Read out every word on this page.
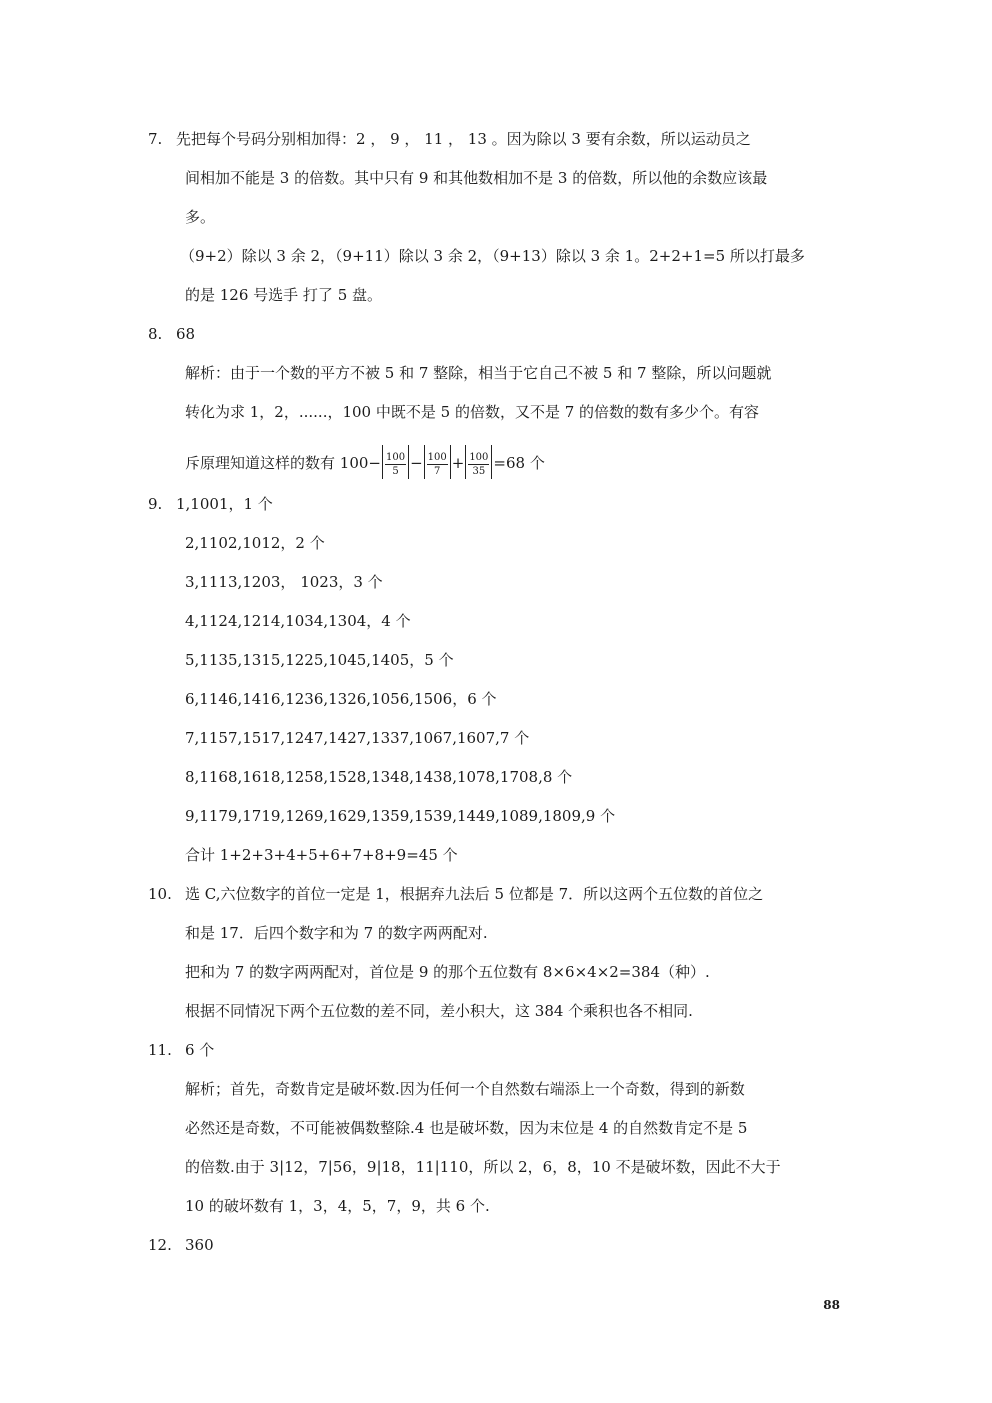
7. 先把每个号码分别相加得：2 ， 9 ， 11 ， 13 。因为除以 3 要有余数，所以运动员之
间相加不能是 3 的倍数。其中只有 9 和其他数相加不是 3 的倍数，所以他的余数应该最
多。
（9+2）除以 3 余 2，（9+11）除以 3 余 2，（9+13）除以 3 余 1。2+2+1=5 所以打最多
的是 126 号选手 打了 5 盘。
8. 68
解析：由于一个数的平方不被 5 和 7 整除，相当于它自己不被 5 和 7 整除，所以问题就
转化为求 1，2，......，100 中既不是 5 的倍数，又不是 7 的倍数的数有多少个。有容
斥原理知道这样的数有 $100- \frac{100}{5} - \frac{100}{7} + \frac{100}{35} =68$ 个
9. 1,1001，1 个
2,1102,1012，2 个
3,1113,1203， 1023，3 个
4,1124,1214,1034,1304，4 个
5,1135,1315,1225,1045,1405，5 个
6,1146,1416,1236,1326,1056,1506，6 个
7,1157,1517,1247,1427,1337,1067,1607,7 个
8,1168,1618,1258,1528,1348,1438,1078,1708,8 个
9,1179,1719,1269,1629,1359,1539,1449,1089,1809,9 个
合计 1+2+3+4+5+6+7+8+9=45 个
10. 选 C,六位数字的首位一定是 1，根据弃九法后 5 位都是 7．所以这两个五位数的首位之
和是 17．后四个数字和为 7 的数字两两配对.
把和为 7 的数字两两配对，首位是 9 的那个五位数有 8×6×4×2=384（种）.
根据不同情况下两个五位数的差不同，差小积大，这 384 个乘积也各不相同.
11. 6 个
解析；首先，奇数肯定是破坏数.因为任何一个自然数右端添上一个奇数，得到的新数
必然还是奇数，不可能被偶数整除.4 也是破坏数，因为末位是 4 的自然数肯定不是 5
的倍数.由于 3|12，7|56，9|18，11|110，所以 2，6，8，10 不是破坏数，因此不大于
10 的破坏数有 1，3，4，5，7，9，共 6 个.
12. 360
88
